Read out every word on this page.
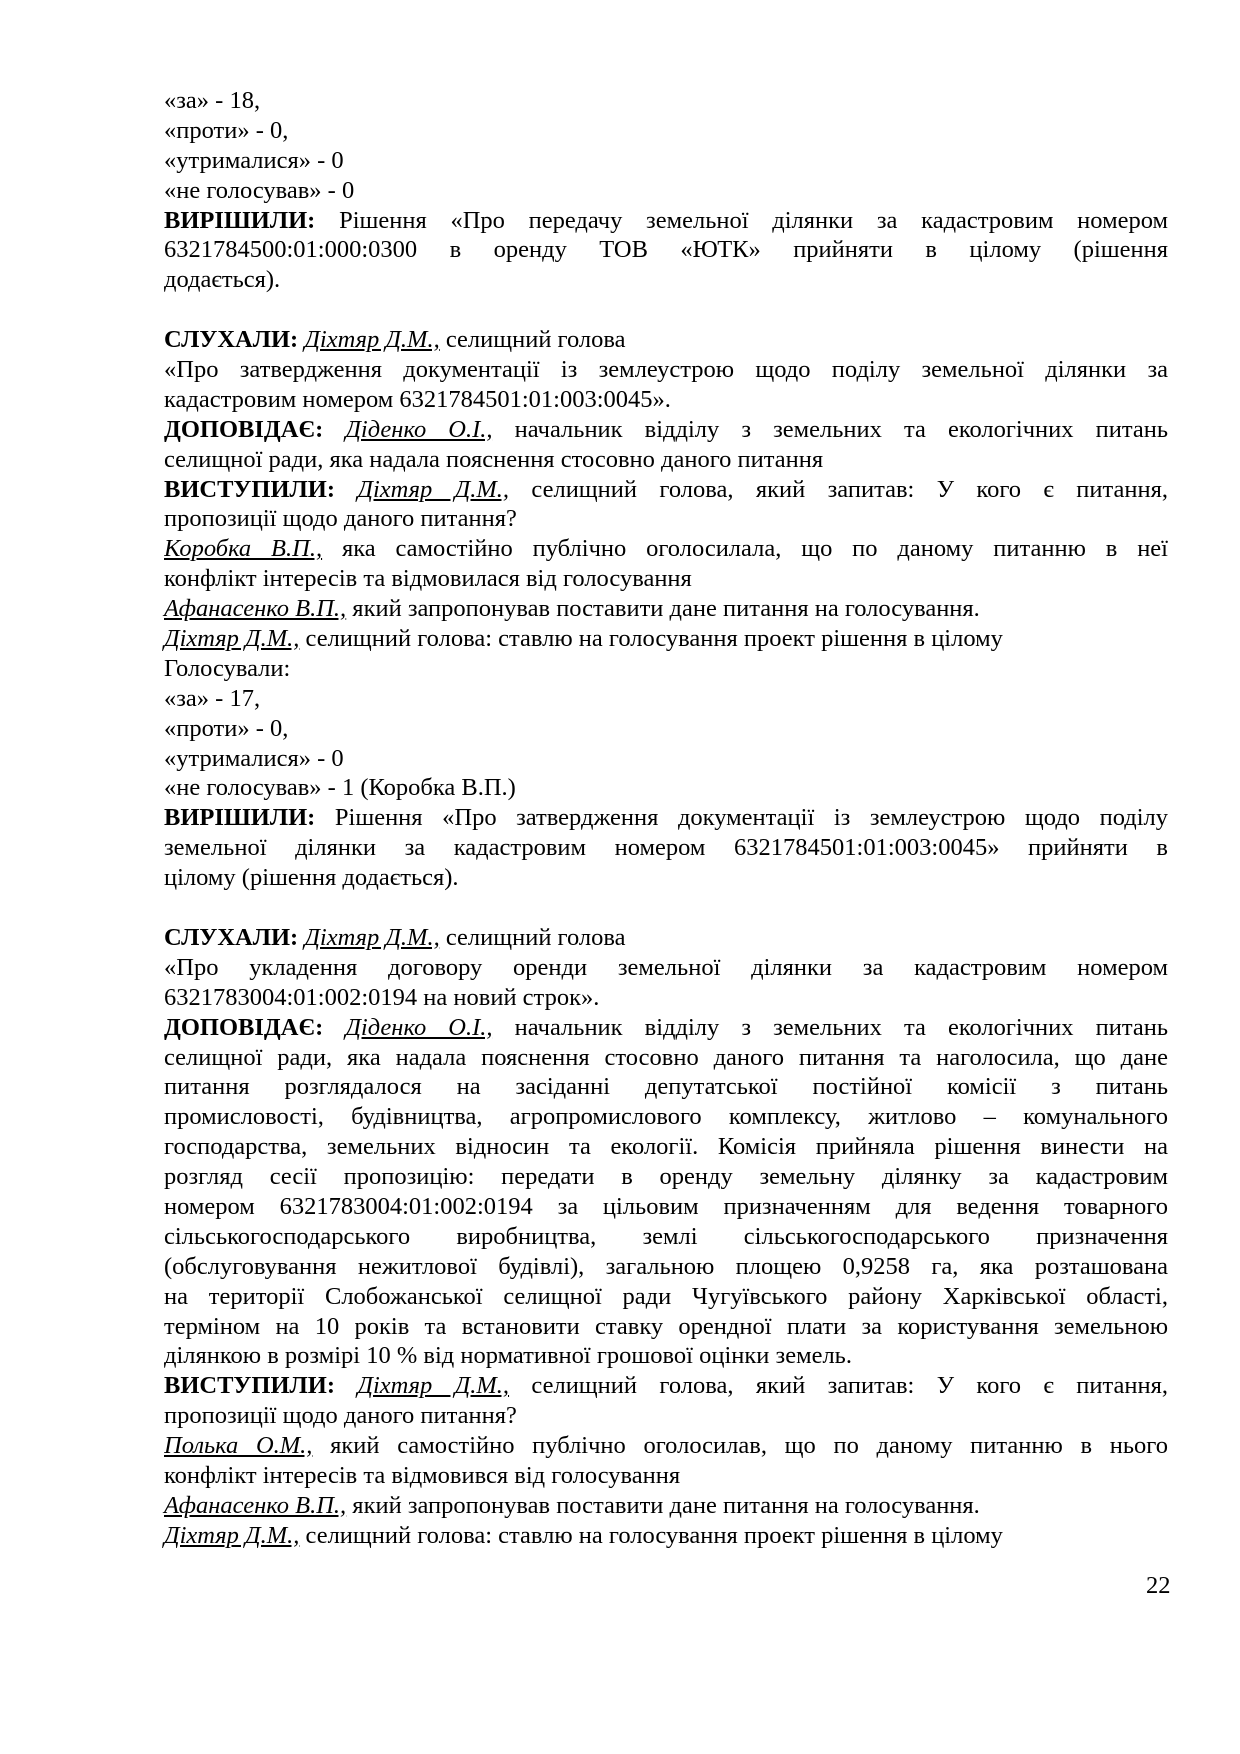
«за» - 18,
«проти» - 0,
«утрималися» - 0
«не голосував» - 0
ВИРІШИЛИ: Рішення «Про передачу земельної ділянки за кадастровим номером
6321784500:01:000:0300 в оренду ТОВ «ЮТК» прийняти в цілому (рішення
додається).
СЛУХАЛИ: Діхтяр Д.М., селищний голова
«Про затвердження документації із землеустрою щодо поділу земельної ділянки за
кадастровим номером 6321784501:01:003:0045».
ДОПОВІДАЄ: Діденко О.І., начальник відділу з земельних та екологічних питань
селищної ради, яка надала пояснення стосовно даного питання
ВИСТУПИЛИ: Діхтяр Д.М., селищний голова, який запитав: У кого є питання,
пропозиції щодо даного питання?
Коробка В.П., яка самостійно публічно оголосилала, що по даному питанню в неї
конфлікт інтересів та відмовилася від голосування
Афанасенко В.П., який запропонував поставити дане питання на голосування.
Діхтяр Д.М., селищний голова: ставлю на голосування проект рішення в цілому
Голосували:
«за» - 17,
«проти» - 0,
«утрималися» - 0
«не голосував» - 1 (Коробка В.П.)
ВИРІШИЛИ: Рішення «Про затвердження документації із землеустрою щодо поділу
земельної ділянки за кадастровим номером 6321784501:01:003:0045» прийняти в
цілому (рішення додається).
СЛУХАЛИ: Діхтяр Д.М., селищний голова
«Про укладення договору оренди земельної ділянки за кадастровим номером
6321783004:01:002:0194 на новий строк».
ДОПОВІДАЄ: Діденко О.І., начальник відділу з земельних та екологічних питань
селищної ради, яка надала пояснення стосовно даного питання та наголосила, що дане
питання розглядалося на засіданні депутатської постійної комісії з питань
промисловості, будівництва, агропромислового комплексу, житлово – комунального
господарства, земельних відносин та екології. Комісія прийняла рішення винести на
розгляд сесії пропозицію: передати в оренду земельну ділянку за кадастровим
номером 6321783004:01:002:0194 за цільовим призначенням для ведення товарного
сільськогосподарського виробництва, землі сільськогосподарського призначення
(обслуговування нежитлової будівлі), загальною площею 0,9258 га, яка розташована
на території Слобожанської селищної ради Чугуївського району Харківської області,
терміном на 10 років та встановити ставку орендної плати за користування земельною
ділянкою в розмірі 10 % від нормативної грошової оцінки земель.
ВИСТУПИЛИ: Діхтяр Д.М., селищний голова, який запитав: У кого є питання,
пропозиції щодо даного питання?
Полька О.М., який самостійно публічно оголосилав, що по даному питанню в нього
конфлікт інтересів та відмовився від голосування
Афанасенко В.П., який запропонував поставити дане питання на голосування.
Діхтяр Д.М., селищний голова: ставлю на голосування проект рішення в цілому
22
